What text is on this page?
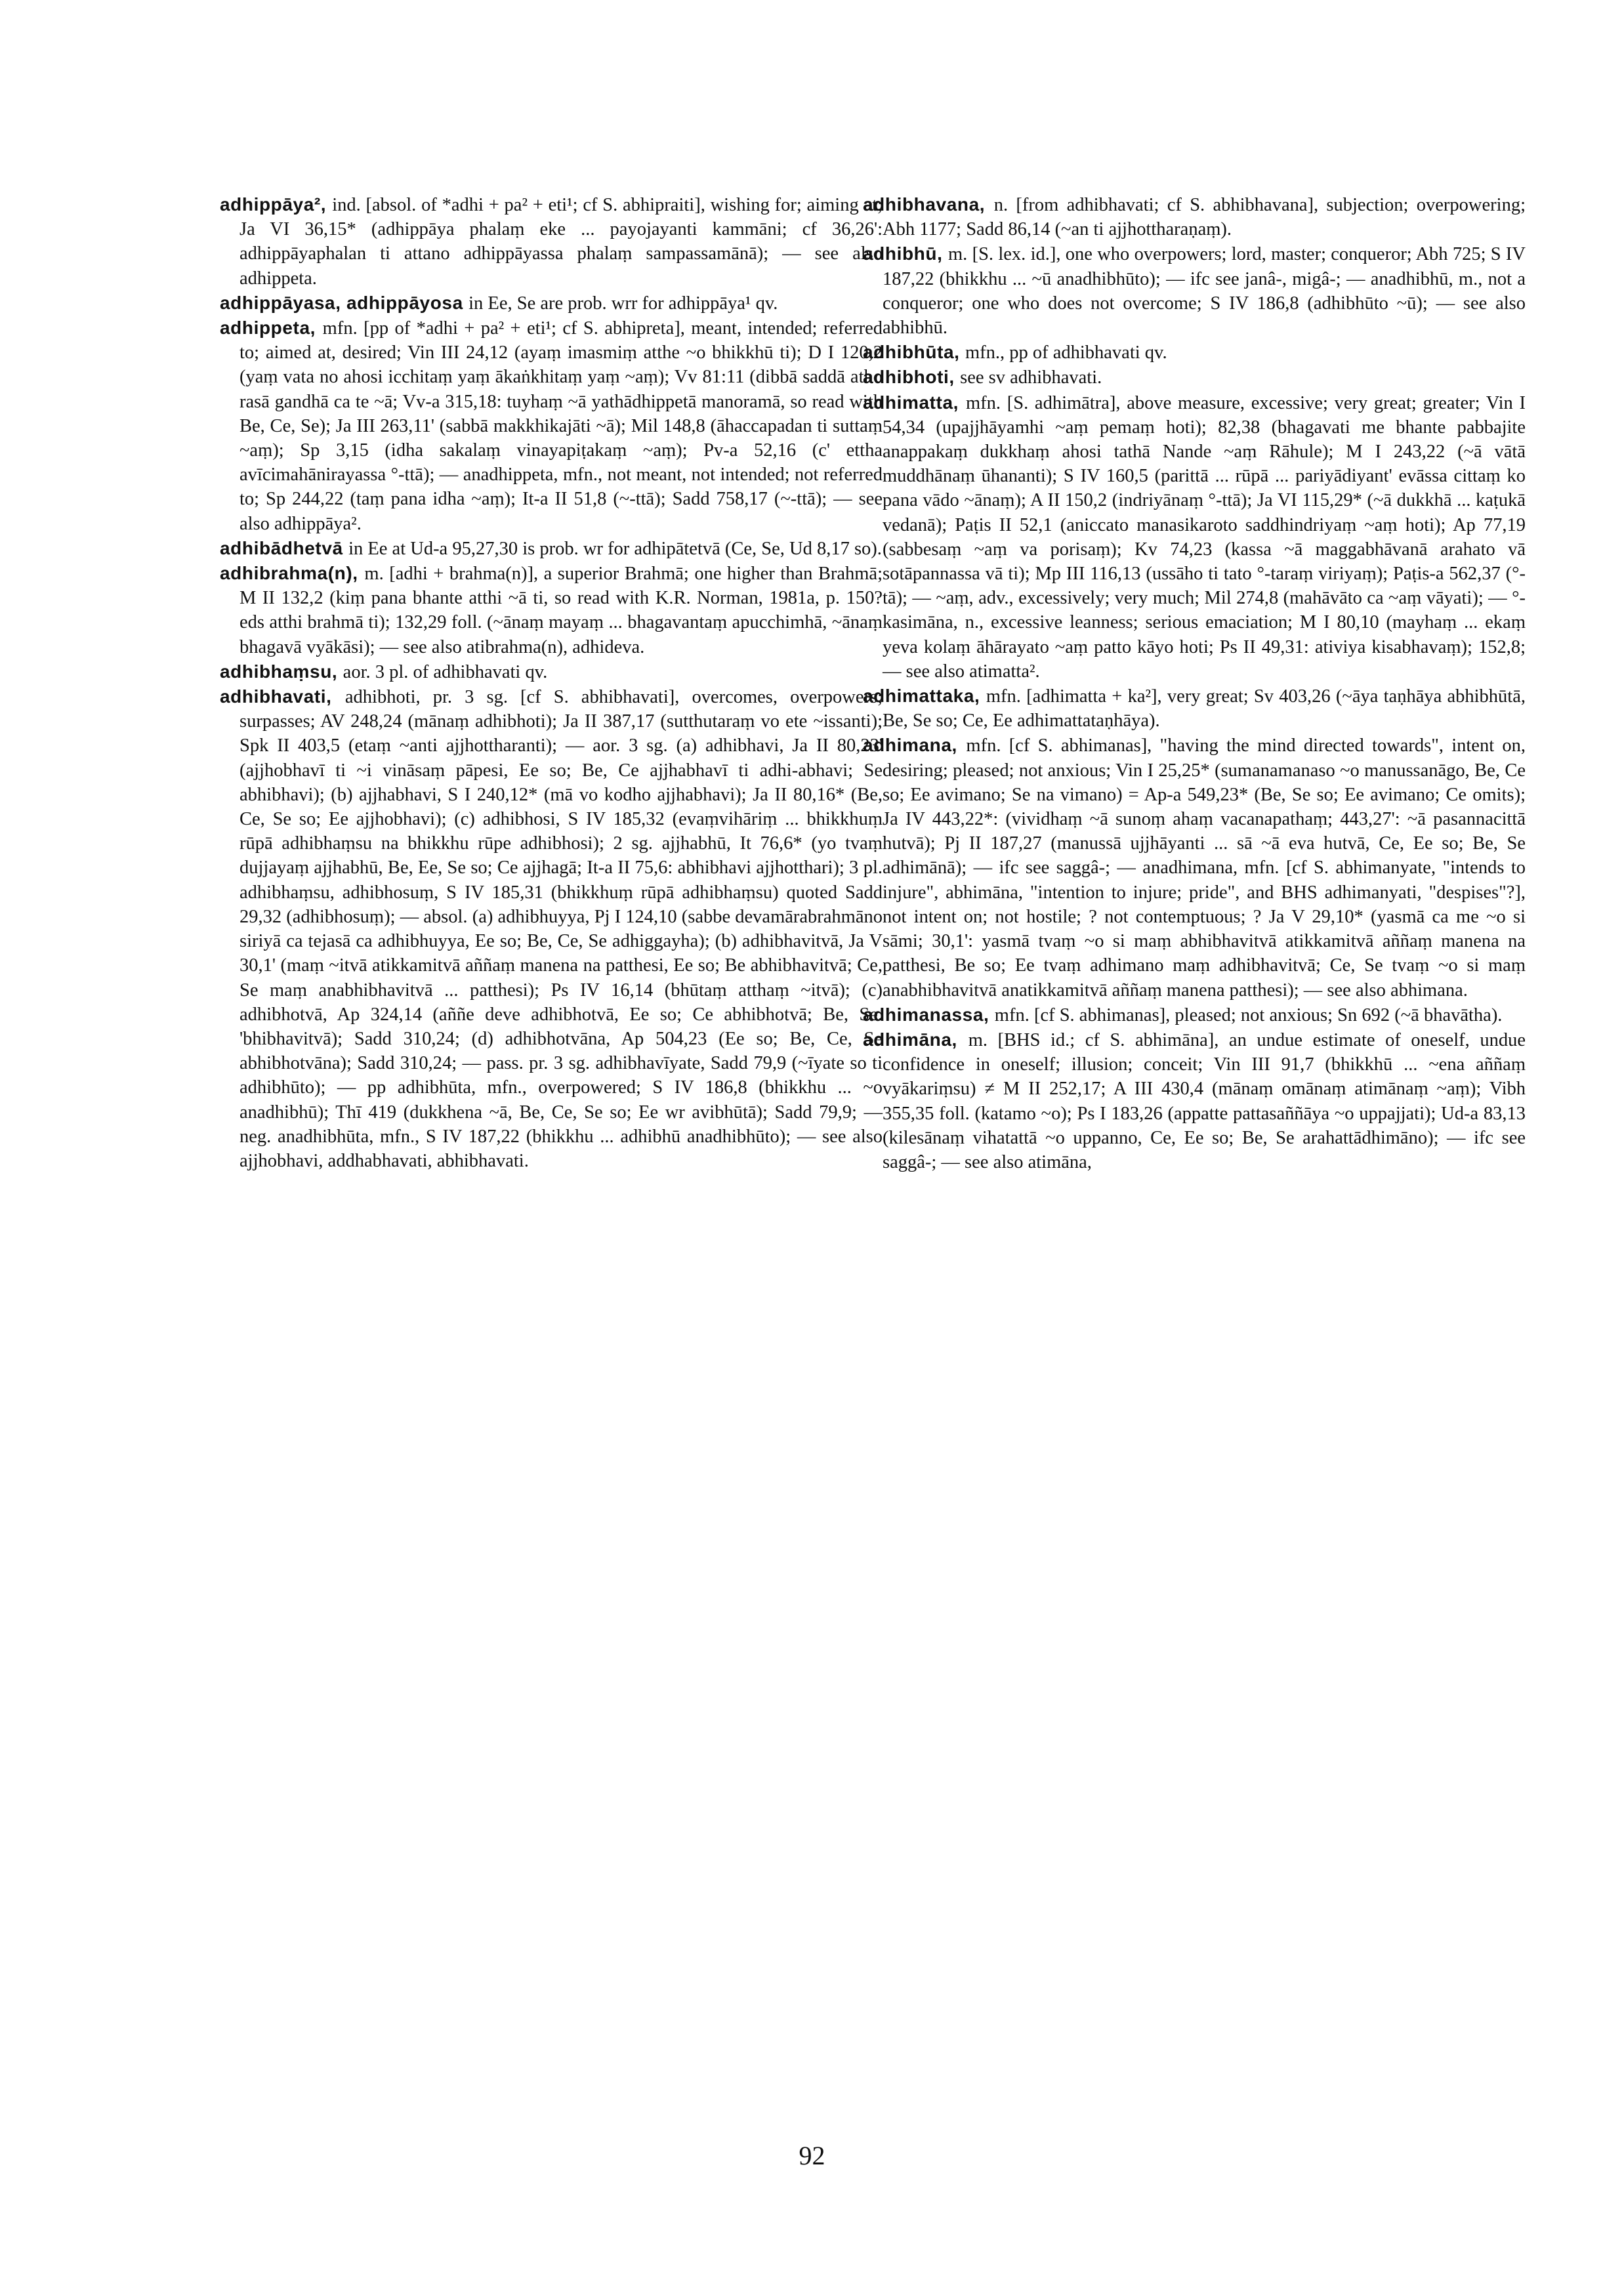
adhippāya², ind. [absol. of *adhi + pa² + eti¹; cf S. abhipraiti], wishing for; aiming at; Ja VI 36,15* (adhippāya phalaṃ eke ... payojayanti kammāni; cf 36,26': adhippāyaphalan ti attano adhippāyassa phalaṃ sampassamānā); — see also adhippeta.

adhippāyasa, adhippāyosa in Ee, Se are prob. wrr for adhippāya¹ qv.

adhippeta, mfn. [pp of *adhi + pa² + eti¹; cf S. abhipreta], meant, intended; referred to; aimed at, desired; Vin III 24,12 (ayaṃ imasmiṃ atthe ~o bhikkhū ti); D I 120,2 (yaṃ vata no ahosi icchitaṃ yaṃ ākaṅkhitaṃ yaṃ ~aṃ); Vv 81:11 (dibbā saddā atho rasā gandhā ca te ~ā; Vv-a 315,18: tuyhaṃ ~ā yathādhippetā manoramā, so read with Be, Ce, Se); Ja III 263,11' (sabbā makkhikajāti ~ā); Mil 148,8 (āhaccapadan ti suttaṃ ~aṃ); Sp 3,15 (idha sakalaṃ vinayapiṭakaṃ ~aṃ); Pv-a 52,16 (c' ettha avīcimahānirayassa °-ttā); — anadhippeta, mfn., not meant, not intended; not referred to; Sp 244,22 (taṃ pana idha ~aṃ); It-a II 51,8 (~-ttā); Sadd 758,17 (~-ttā); — see also adhippāya².

adhibādhetvā in Ee at Ud-a 95,27,30 is prob. wr for adhipātetvā (Ce, Se, Ud 8,17 so).

adhibrahma(n), m. [adhi + brahma(n)], a superior Brahmā; one higher than Brahmā; M II 132,2 (kiṃ pana bhante atthi ~ā ti, so read with K.R. Norman, 1981a, p. 150? eds atthi brahmā ti); 132,29 foll. (~ānaṃ mayaṃ ... bhagavantaṃ apucchimhā, ~ānaṃ bhagavā vyākāsi); — see also atibrahma(n), adhideva.

adhibhaṃsu, aor. 3 pl. of adhibhavati qv.

adhibhavati, adhibhoti, pr. 3 sg. [cf S. abhibhavati], overcomes, overpowers; surpasses; AV 248,24 (mānaṃ adhibhoti); Ja II 387,17 (sutthutaraṃ vo ete ~issanti); Spk II 403,5 (etaṃ ~anti ajjhottharanti); — aor. 3 sg. (a) adhibhavi, Ja II 80,23' (ajjhobhavī ti ~i vināsaṃ pāpesi, Ee so; Be, Ce ajjhabhavī ti adhi-abhavi; Se abhibhavi); (b) ajjhabhavi, S I 240,12* (mā vo kodho ajjhabhavi); Ja II 80,16* (Be, Ce, Se so; Ee ajjhobhavi); (c) adhibhosi, S IV 185,32 (evaṃvihāriṃ ... bhikkhuṃ rūpā adhibhaṃsu na bhikkhu rūpe adhibhosi); 2 sg. ajjhabhū, It 76,6* (yo tvaṃ dujjayaṃ ajjhabhū, Be, Ee, Se so; Ce ajjhagā; It-a II 75,6: abhibhavi ajjhotthari); 3 pl. adhibhaṃsu, adhibhosuṃ, S IV 185,31 (bhikkhuṃ rūpā adhibhaṃsu) quoted Sadd 29,32 (adhibhosuṃ); — absol. (a) adhibhuyya, Pj I 124,10 (sabbe devamārabrahmāno siriyā ca tejasā ca adhibhuyya, Ee so; Be, Ce, Se adhiggayha); (b) adhibhavitvā, Ja V 30,1' (maṃ ~itvā atikkamitvā aññaṃ manena na patthesi, Ee so; Be abhibhavitvā; Ce, Se maṃ anabhibhavitvā ... patthesi); Ps IV 16,14 (bhūtaṃ atthaṃ ~itvā); (c) adhibhotvā, Ap 324,14 (aññe deve adhibhotvā, Ee so; Ce abhibhotvā; Be, Se. 'bhibhavitvā); Sadd 310,24; (d) adhibhotvāna, Ap 504,23 (Ee so; Be, Ce, Se abhibhotvāna); Sadd 310,24; — pass. pr. 3 sg. adhibhavīyate, Sadd 79,9 (~īyate so ti adhibhūto); — pp adhibhūta, mfn., overpowered; S IV 186,8 (bhikkhu ... ~o anadhibhū); Thī 419 (dukkhena ~ā, Be, Ce, Se so; Ee wr avibhūtā); Sadd 79,9; — neg. anadhibhūta, mfn., S IV 187,22 (bhikkhu ... adhibhū anadhibhūto); — see also ajjhobhavi, addhabhavati, abhibhavati.

adhibhavana, n. [from adhibhavati; cf S. abhibhavana], subjection; overpowering; Abh 1177; Sadd 86,14 (~an ti ajjhottharaṇaṃ).

adhibhū, m. [S. lex. id.], one who overpowers; lord, master; conqueror; Abh 725; S IV 187,22 (bhikkhu ... ~ū anadhibhūto); — ifc see janâ-, migâ-; — anadhibhū, m., not a conqueror; one who does not overcome; S IV 186,8 (adhibhūto ~ū); — see also abhibhū.

adhibhūta, mfn., pp of adhibhavati qv.

adhibhoti, see sv adhibhavati.

adhimatta, mfn. [S. adhimātra], above measure, excessive; very great; greater; Vin I 54,34 (upajjhāyamhi ~aṃ pemaṃ hoti); 82,38 (bhagavati me bhante pabbajite anappakaṃ dukkhaṃ ahosi tathā Nande ~aṃ Rāhule); M I 243,22 (~ā vātā muddhānaṃ ūhananti); S IV 160,5 (parittā ... rūpā ... pariyādiyant' evāssa cittaṃ ko pana vādo ~ānaṃ); A II 150,2 (indriyānaṃ °-ttā); Ja VI 115,29* (~ā dukkhā ... kaṭukā vedanā); Paṭis II 52,1 (aniccato manasikaroto saddhindriyaṃ ~aṃ hoti); Ap 77,19 (sabbesaṃ ~aṃ va porisaṃ); Kv 74,23 (kassa ~ā maggabhāvanā arahato vā sotāpannassa vā ti); Mp III 116,13 (ussāho ti tato °-taraṃ viriyaṃ); Paṭis-a 562,37 (°-tā); — ~aṃ, adv., excessively; very much; Mil 274,8 (mahāvāto ca ~aṃ vāyati); — °-kasimāna, n., excessive leanness; serious emaciation; M I 80,10 (mayhaṃ ... ekaṃ yeva kolaṃ āhārayato ~aṃ patto kāyo hoti; Ps II 49,31: ativiya kisabhavaṃ); 152,8; — see also atimatta².

adhimattaka, mfn. [adhimatta + ka²], very great; Sv 403,26 (~āya taṇhāya abhibhūtā, Be, Se so; Ce, Ee adhimattataṇhāya).

adhimana, mfn. [cf S. abhimanas], "having the mind directed towards", intent on, desiring; pleased; not anxious; Vin I 25,25* (sumanamanaso ~o manussanāgo, Be, Ce so; Ee avimano; Se na vimano) = Ap-a 549,23* (Be, Se so; Ee avimano; Ce omits); Ja IV 443,22*: (vividhaṃ ~ā sunoṃ ahaṃ vacanapathaṃ; 443,27': ~ā pasannacittā hutvā); Pj II 187,27 (manussā ujjhāyanti ... sā ~ā eva hutvā, Ce, Ee so; Be, Se adhimānā); — ifc see saggâ-; — anadhimana, mfn. [cf S. abhimanyate, "intends to injure", abhimāna, "intention to injure; pride", and BHS adhimanyati, "despises"?], not intent on; not hostile; ? not contemptuous; ? Ja V 29,10* (yasmā ca me ~o si sāmi; 30,1': yasmā tvaṃ ~o si maṃ abhibhavitvā atikkamitvā aññaṃ manena na patthesi, Be so; Ee tvaṃ adhimano maṃ adhibhavitvā; Ce, Se tvaṃ ~o si maṃ anabhibhavitvā anatikkamitvā aññaṃ manena patthesi); — see also abhimana.

adhimanassa, mfn. [cf S. abhimanas], pleased; not anxious; Sn 692 (~ā bhavātha).

adhimāna, m. [BHS id.; cf S. abhimāna], an undue estimate of oneself, undue confidence in oneself; illusion; conceit; Vin III 91,7 (bhikkhū ... ~ena aññaṃ vyākariṃsu) ≠ M II 252,17; A III 430,4 (mānaṃ omānaṃ atimānaṃ ~aṃ); Vibh 355,35 foll. (katamo ~o); Ps I 183,26 (appatte pattasaññāya ~o uppajjati); Ud-a 83,13 (kilesānaṃ vihatattā ~o uppanno, Ce, Ee so; Be, Se arahattādhimāno); — ifc see saggâ-; — see also atimāna,

92
